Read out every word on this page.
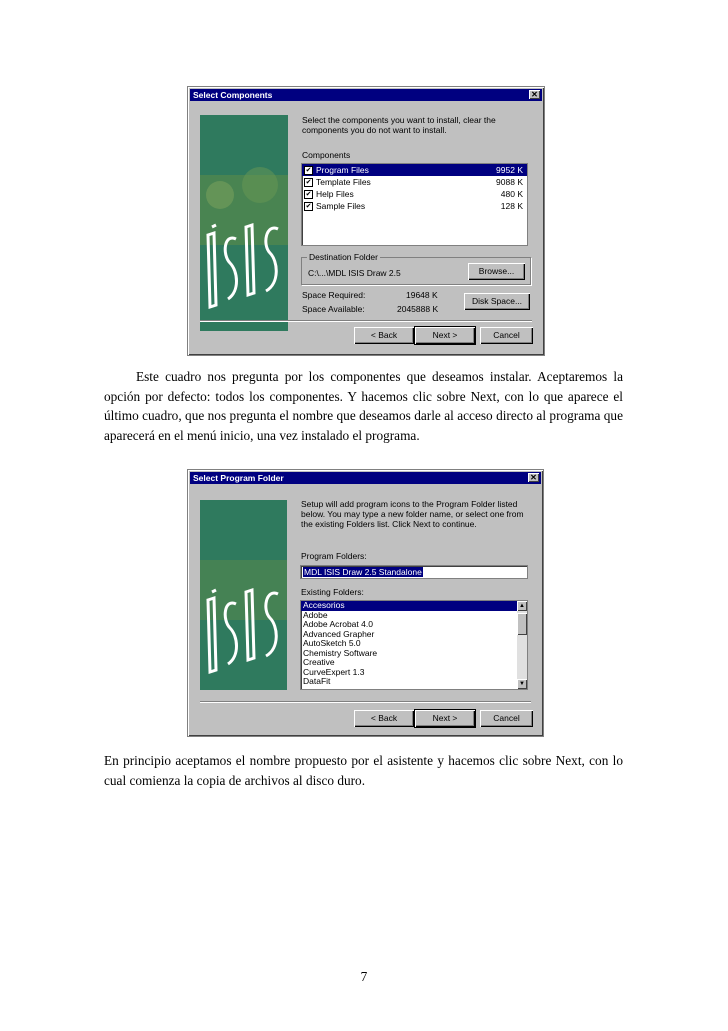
Select Components	✕
Select the components you want to install, clear the components you do not want to install.
Components
✔ Program Files	9952 K
✔ Template Files	9088 K
✔ Help Files	480 K
✔ Sample Files	128 K
Destination Folder
C:\...\MDL ISIS Draw 2.5	Browse...
Space Required:	19648 K
Space Available:	2045888 K
Disk Space...
< Back	Next >	Cancel
Este cuadro nos pregunta por los componentes que deseamos instalar. Aceptaremos la opción por defecto: todos los componentes. Y hacemos clic sobre Next, con lo que aparece el último cuadro, que nos pregunta el nombre que deseamos darle al acceso directo al programa que aparecerá en el menú inicio, una vez instalado el programa.
Select Program Folder	✕
Setup will add program icons to the Program Folder listed below. You may type a new folder name, or select one from the existing Folders list. Click Next to continue.
Program Folders:
MDL ISIS Draw 2.5 Standalone
Existing Folders:
Accesorios
Adobe
Adobe Acrobat 4.0
Advanced Grapher
AutoSketch 5.0
Chemistry Software
Creative
CurveExpert 1.3
DataFit
▲
▼
< Back	Next >	Cancel
En principio aceptamos el nombre propuesto por el asistente y hacemos clic sobre Next, con lo cual comienza la copia de archivos al disco duro.
7
